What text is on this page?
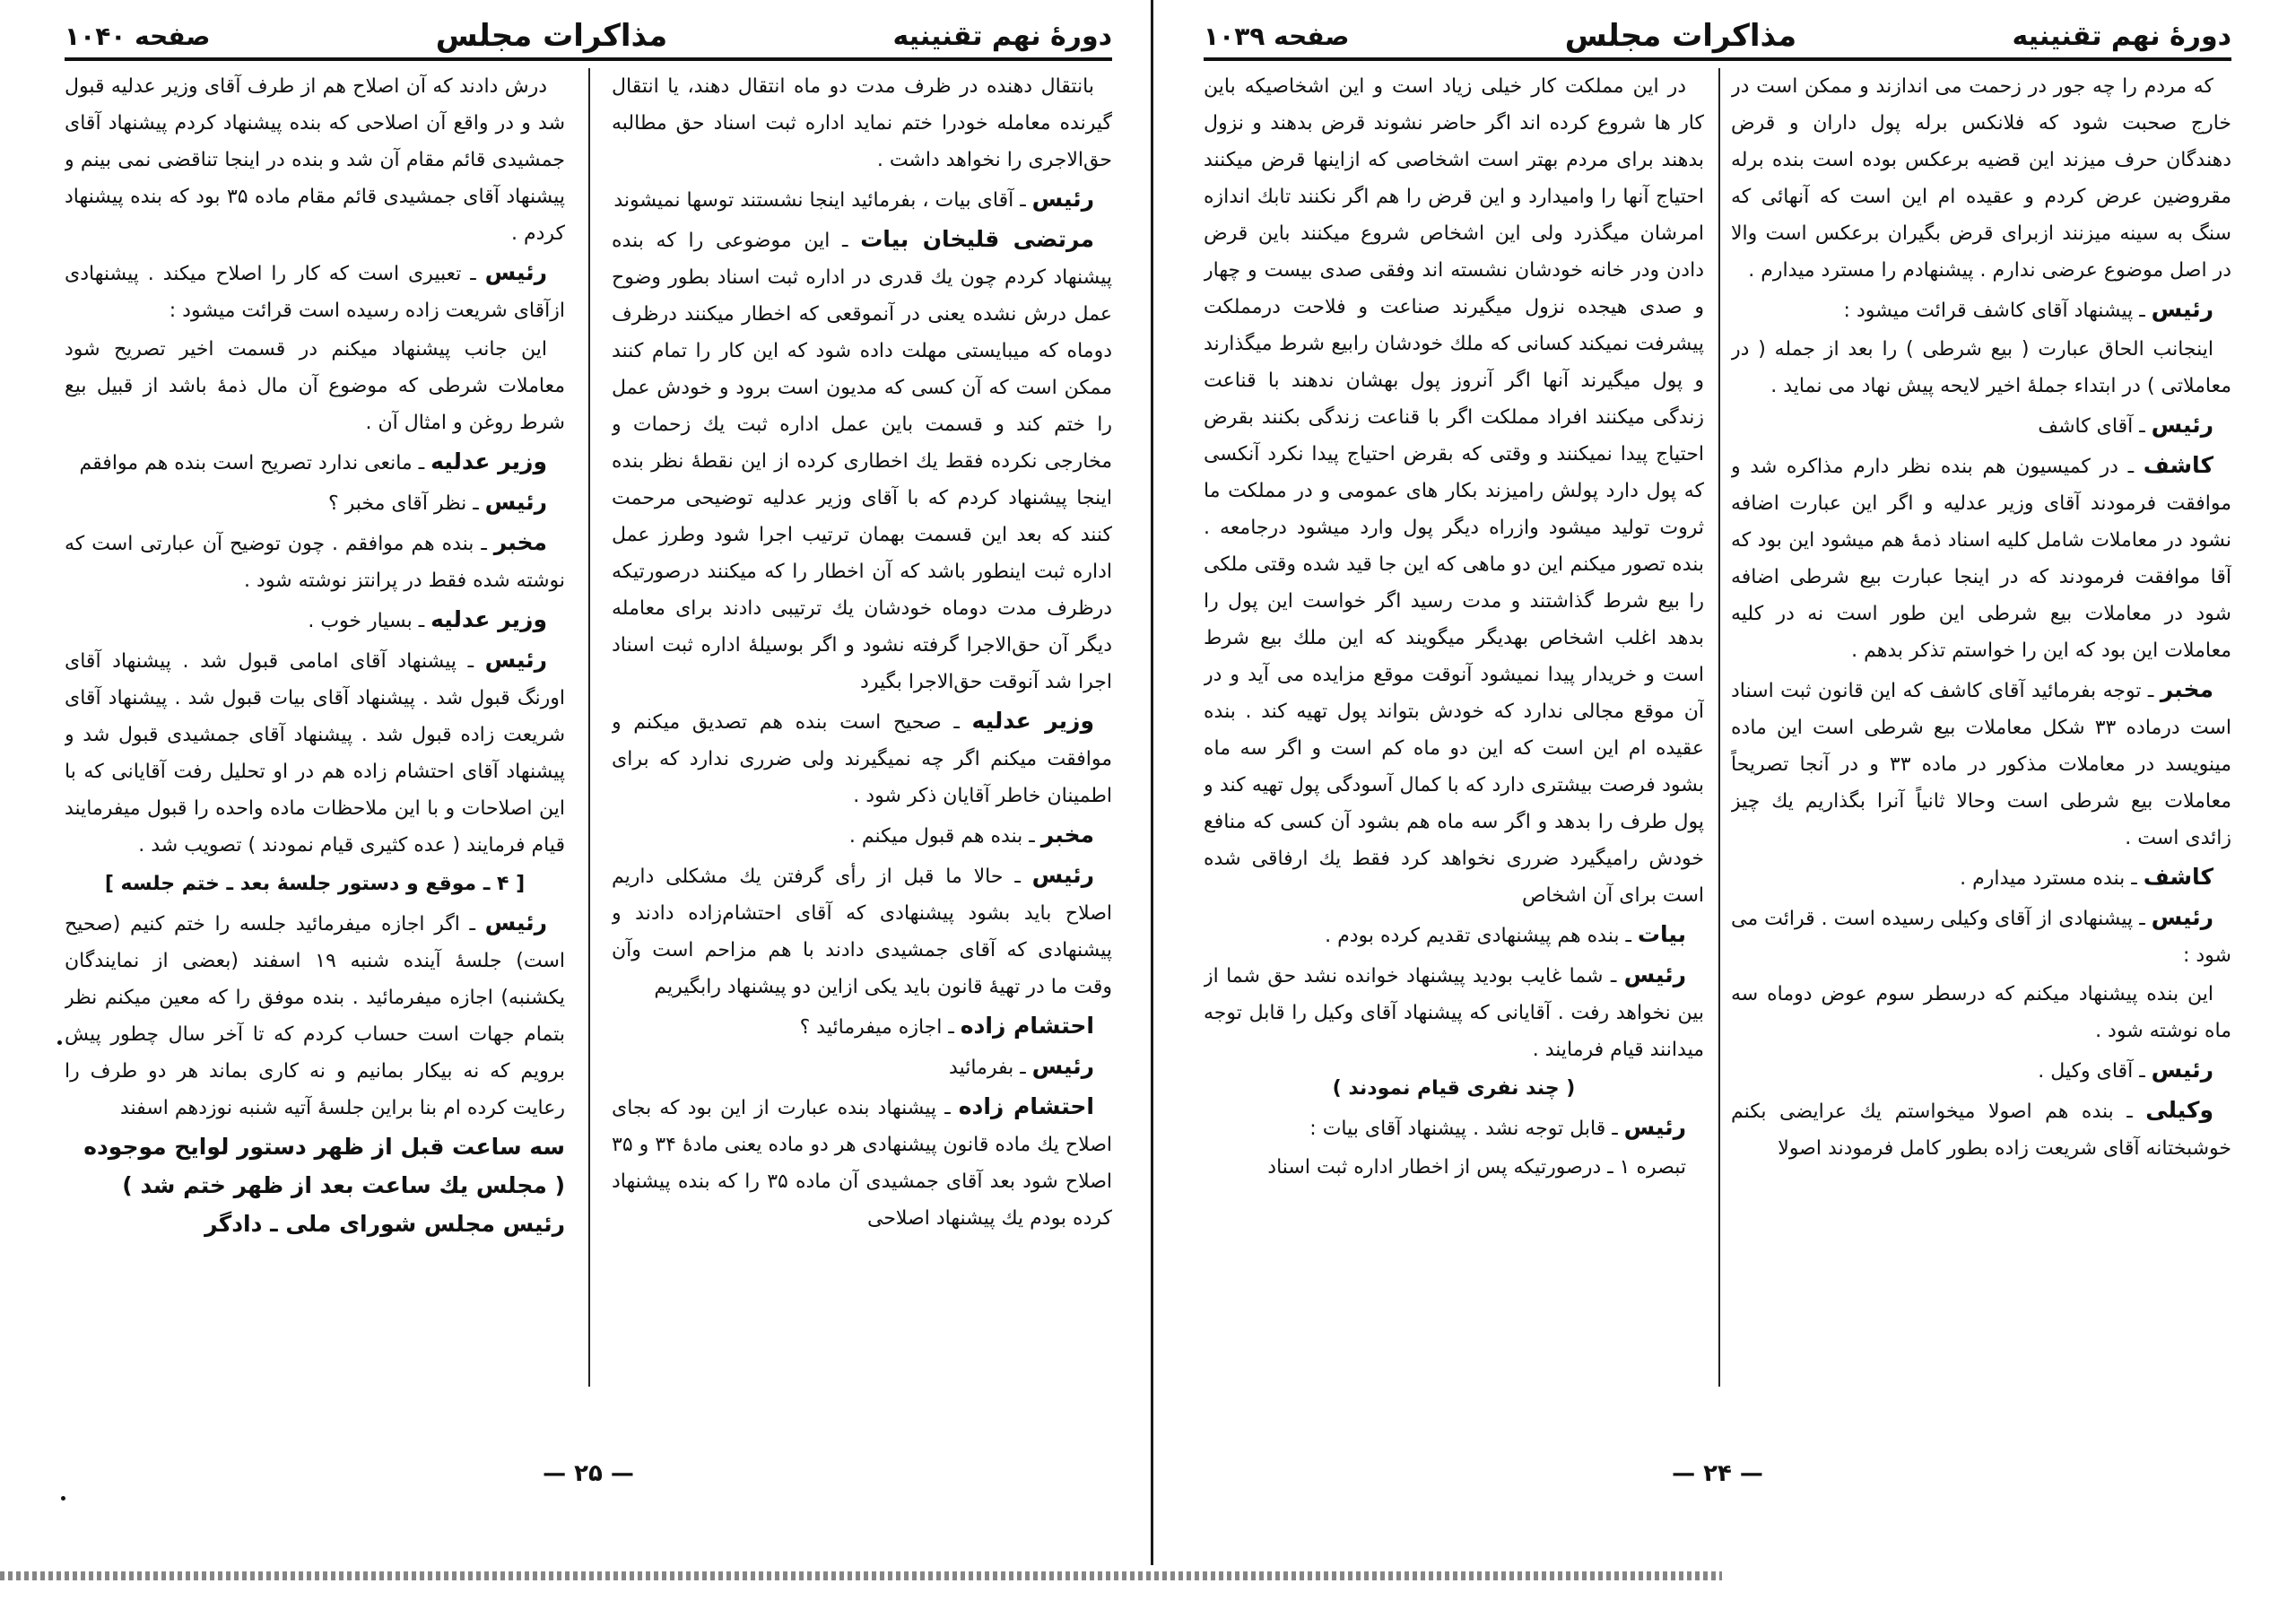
دورهٔ نهم تقنینیه
مذاکرات مجلس
صفحه ۱۰۴۰

بانتقال دهنده در ظرف مدت دو ماه انتقال دهند، یا انتقال گیرنده معامله خودرا ختم نماید اداره ثبت اسناد حق مطالبه حق‌الاجری را نخواهد داشت .

رئیس ـ آقای بیات ، بفرمائید اینجا نشستند توسها نمیشوند

مرتضی قلیخان بیات ـ این موضوعی را که بنده پیشنهاد کردم چون یك قدری در اداره ثبت اسناد بطور وضوح عمل درش نشده یعنی در آنموقعی که اخطار میکنند درظرف دوماه که میبایستی مهلت داده شود که این کار را تمام کنند ممکن است که آن کسی که مدیون است برود و خودش عمل را ختم کند و قسمت باین عمل اداره ثبت یك زحمات و مخارجی نکرده فقط یك اخطاری کرده از این نقطهٔ نظر بنده اینجا پیشنهاد کردم که با آقای وزیر عدلیه توضیحی مرحمت کنند که بعد این قسمت بهمان ترتیب اجرا شود وطرز عمل اداره ثبت اینطور باشد که آن اخطار را که میکنند درصورتیکه درظرف مدت دوماه خودشان یك ترتیبی دادند برای معامله دیگر آن حق‌الاجرا گرفته نشود و اگر بوسیلهٔ اداره ثبت اسناد اجرا شد آنوقت حق‌الاجرا بگیرد

وزیر عدلیه ـ صحیح است بنده هم تصدیق میکنم و موافقت میکنم اگر چه نمیگیرند ولی ضرری ندارد که برای اطمینان خاطر آقایان ذکر شود .

مخبر ـ بنده هم قبول میکنم .

رئیس ـ حالا ما قبل از رأی گرفتن یك مشکلی داریم اصلاح باید بشود پیشنهادی که آقای احتشام‌زاده دادند و پیشنهادی که آقای جمشیدی دادند با هم مزاحم است وآن وقت ما در تهیهٔ قانون باید یکی ازاین دو پیشنهاد رابگیریم

احتشام زاده ـ اجازه میفرمائید ؟

رئیس ـ بفرمائید

احتشام زاده ـ پیشنهاد بنده عبارت از این بود که بجای اصلاح یك ماده قانون پیشنهادی هر دو ماده یعنی مادهٔ ۳۴ و ۳۵ اصلاح شود بعد آقای جمشیدی آن ماده ۳۵ را که بنده پیشنهاد کرده بودم یك پیشنهاد اصلاحی

درش دادند که آن اصلاح هم از طرف آقای وزیر عدلیه قبول شد و در واقع آن اصلاحی که بنده پیشنهاد کردم پیشنهاد آقای جمشیدی قائم مقام آن شد و بنده در اینجا تناقضی نمی بینم و پیشنهاد آقای جمشیدی قائم مقام ماده ۳۵ بود که بنده پیشنهاد کردم .

رئیس ـ تعبیری است که کار را اصلاح میکند . پیشنهادی ازآقای شریعت زاده رسیده است قرائت میشود :

این جانب پیشنهاد میکنم در قسمت اخیر تصریح شود معاملات شرطی که موضوع آن مال ذمهٔ باشد از قبیل بیع شرط روغن و امثال آن .

وزیر عدلیه ـ مانعی ندارد تصریح است بنده هم موافقم

رئیس ـ نظر آقای مخبر ؟

مخبر ـ بنده هم موافقم . چون توضیح آن عبارتی است که نوشته شده فقط در پرانتز نوشته شود .

وزیر عدلیه ـ بسیار خوب .

رئیس ـ پیشنهاد آقای امامی قبول شد . پیشنهاد آقای اورنگ قبول شد . پیشنهاد آقای بیات قبول شد . پیشنهاد آقای شریعت زاده قبول شد . پیشنهاد آقای جمشیدی قبول شد و پیشنهاد آقای احتشام زاده هم در او تحلیل رفت آقایانی که با این اصلاحات و با این ملاحظات ماده واحده را قبول میفرمایند قیام فرمایند ( عده کثیری قیام نمودند ) تصویب شد .

[ ۴ ـ موقع و دستور جلسهٔ بعد ـ ختم جلسه ]

رئیس ـ اگر اجازه میفرمائید جلسه را ختم کنیم (صحیح است) جلسهٔ آینده شنبه ۱۹ اسفند (بعضی از نمایندگان یکشنبه) اجازه میفرمائید . بنده موفق را که معین میکنم نظر بتمام جهات است حساب کردم که تا آخر سال چطور پیش برویم که نه بیکار بمانیم و نه کاری بماند هر دو طرف را رعایت کرده ام بنا براین جلسهٔ آتیه شنبه نوزدهم اسفند

سه ساعت قبل از ظهر دستور لوایح موجوده

( مجلس یك ساعت بعد از ظهر ختم شد )

رئیس مجلس شورای ملی ـ دادگر

— ۲۵ —
دورهٔ نهم تقنینیه
مذاکرات مجلس
صفحه ۱۰۳۹

که مردم را چه جور در زحمت می اندازند و ممکن است در خارج صحبت شود که فلانکس برله پول داران و قرض دهندگان حرف میزند این قضیه برعکس بوده است بنده برله مقروضین عرض کردم و عقیده ام این است که آنهائی که سنگ به سینه میزنند ازبرای قرض بگیران برعکس است والا در اصل موضوع عرضی ندارم . پیشنهادم را مسترد میدارم .

رئیس ـ پیشنهاد آقای کاشف قرائت میشود :

اینجانب الحاق عبارت ( بیع شرطی ) را بعد از جمله ( در معاملاتی ) در ابتداء جملهٔ اخیر لایحه پیش نهاد می نماید .

رئیس ـ آقای کاشف

کاشف ـ در کمیسیون هم بنده نظر دارم مذاکره شد و موافقت فرمودند آقای وزیر عدلیه و اگر این عبارت اضافه نشود در معاملات شامل کلیه اسناد ذمهٔ هم میشود این بود که آقا موافقت فرمودند که در اینجا عبارت بیع شرطی اضافه شود در معاملات بیع شرطی این طور است نه در کلیه معاملات این بود که این را خواستم تذکر بدهم .

مخبر ـ توجه بفرمائید آقای کاشف که این قانون ثبت اسناد است درماده ۳۳ شکل معاملات بیع شرطی است این ماده مینویسد در معاملات مذکور در ماده ۳۳ و در آنجا تصریحاً معاملات بیع شرطی است وحالا ثانیاً آنرا بگذاریم یك چیز زائدی است .

کاشف ـ بنده مسترد میدارم .

رئیس ـ پیشنهادی از آقای وکیلی رسیده است . قرائت می شود :

این بنده پیشنهاد میکنم که درسطر سوم عوض دوماه سه ماه نوشته شود .

رئیس ـ آقای وکیل .

وکیلی ـ بنده هم اصولا میخواستم یك عرایضی بکنم خوشبختانه آقای شریعت زاده بطور کامل فرمودند اصولا

در این مملکت کار خیلی زیاد است و این اشخاصیکه باین کار ها شروع کرده اند اگر حاضر نشوند قرض بدهند و نزول بدهند برای مردم بهتر است اشخاصی که ازاینها قرض میکنند احتیاج آنها را وامیدارد و این قرض را هم اگر نکنند تابك اندازه امرشان میگذرد ولی این اشخاص شروع میکنند باین قرض دادن ودر خانه خودشان نشسته اند وفقی صدی بیست و چهار و صدی هیجده نزول میگیرند صناعت و فلاحت درمملکت پیشرفت نمیکند کسانی که ملك خودشان رابیع شرط میگذارند و پول میگیرند آنها اگر آنروز پول بهشان ندهند با قناعت زندگی میکنند افراد مملکت اگر با قناعت زندگی بکنند بقرض احتیاج پیدا نمیکنند و وقتی که بقرض احتیاج پیدا نکرد آنکسی که پول دارد پولش رامیزند بکار های عمومی و در مملکت ما ثروت تولید میشود وازراه دیگر پول وارد میشود درجامعه . بنده تصور میکنم این دو ماهی که این جا قید شده وقتی ملکی را بیع شرط گذاشتند و مدت رسید اگر خواست این پول را بدهد اغلب اشخاص بهدیگر میگویند که این ملك بیع شرط است و خریدار پیدا نمیشود آنوقت موقع مزایده می آید و در آن موقع مجالی ندارد که خودش بتواند پول تهیه کند . بنده عقیده ام این است که این دو ماه کم است و اگر سه ماه بشود فرصت بیشتری دارد که با کمال آسودگی پول تهیه کند و پول طرف را بدهد و اگر سه ماه هم بشود آن کسی که منافع خودش رامیگیرد ضرری نخواهد کرد فقط یك ارفاقی شده است برای آن اشخاص

بیات ـ بنده هم پیشنهادی تقدیم کرده بودم .

رئیس ـ شما غایب بودید پیشنهاد خوانده نشد حق شما از بین نخواهد رفت . آقایانی که پیشنهاد آقای وکیل را قابل توجه میدانند قیام فرمایند .

( چند نفری قیام نمودند )

رئیس ـ قابل توجه نشد . پیشنهاد آقای بیات :

تبصره ۱ ـ درصورتیکه پس از اخطار اداره ثبت اسناد

— ۲۴ —
